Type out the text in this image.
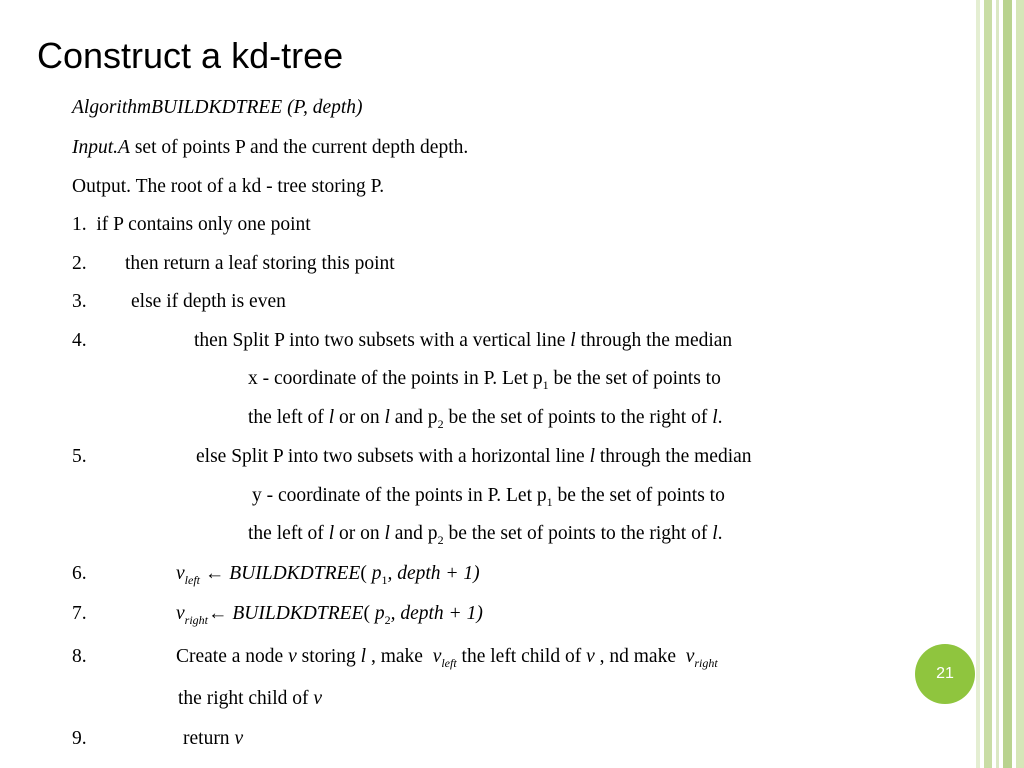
Construct a kd-tree
AlgorithmBUILDKDTREE (P, depth)
Input.A set of points P and the current depth depth.
Output. The root of a kd - tree storing P.
1. if P contains only one point
2. then return a leaf storing this point
3. else if depth is even
4.	then Split P into two subsets with a vertical line l through the median
x - coordinate of the points in P. Let $p_1$ be the set of points to
the left of l or on l and $p_2$ be the set of points to the right of l.
5.	else Split P into two subsets with a horizontal line l through the median
y - coordinate of the points in P. Let $p_1$ be the set of points to
the left of l or on l and $p_2$ be the set of points to the right of l.
6.	$v_{left}$ ← BUILDKDTREE( $p_1$, depth + 1)
7.	$v_{right}\leftarrow$ BUILDKDTREE( $p_2$, depth + 1)
8.	Create a node v storing l , make $v_{left}$ the left child of v , nd make $v_{right}$
the right child of v
9.	return v
21
